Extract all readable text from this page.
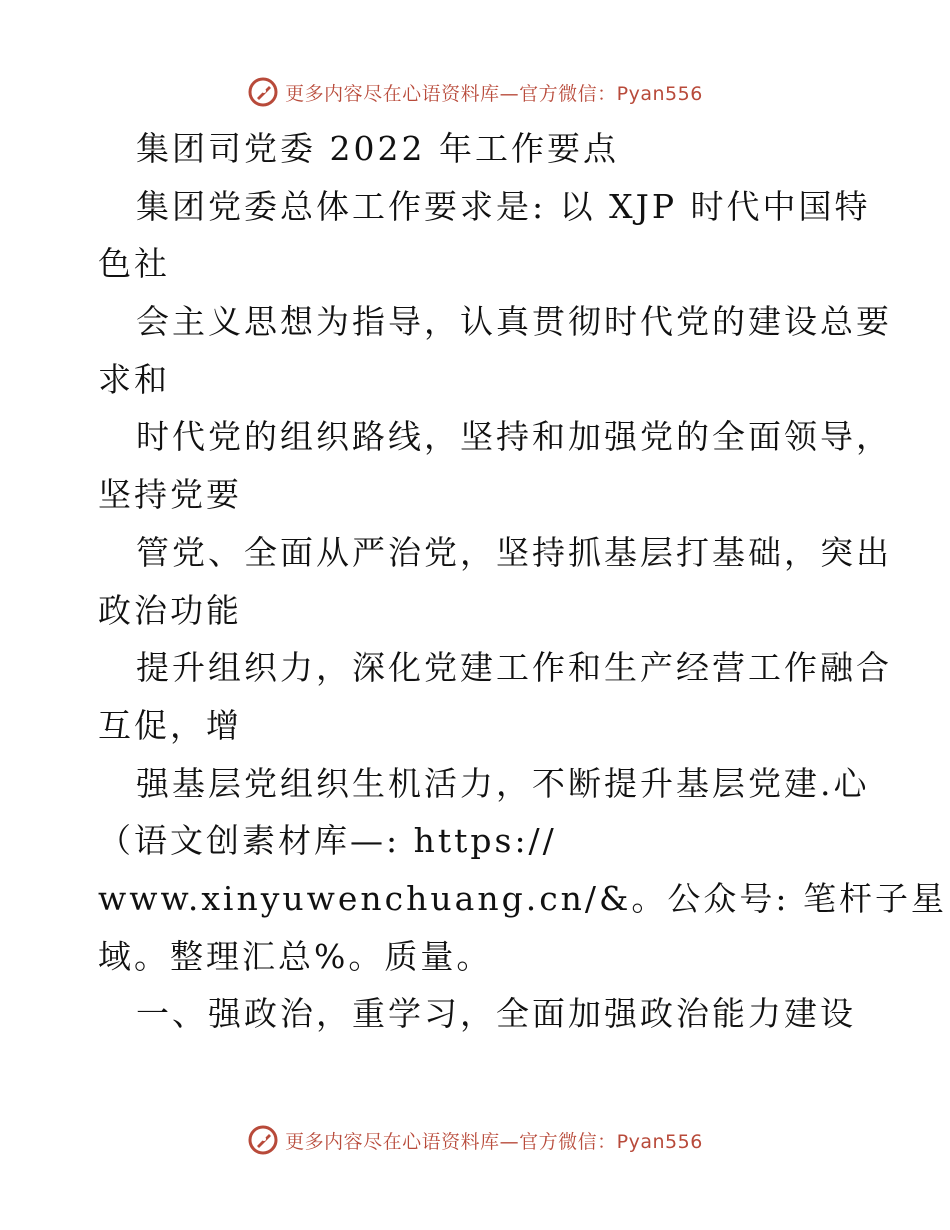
更多内容尽在心语资料库—官方微信：Pyan556
集团司党委 2022 年工作要点
集团党委总体工作要求是: 以 XJP 时代中国特
色社
会主义思想为指导，认真贯彻时代党的建设总要
求和
时代党的组织路线，坚持和加强党的全面领导，
坚持党要
管党、全面从严治党，坚持抓基层打基础，突出
政治功能
提升组织力，深化党建工作和生产经营工作融合
互促，增
强基层党组织生机活力，不断提升基层党建.心
（语文创素材库—: https://
www.xinyuwenchuang.cn/&。公众号: 笔杆子星
域。整理汇总%。质量。
一、强政治，重学习，全面加强政治能力建设
更多内容尽在心语资料库—官方微信：Pyan556
